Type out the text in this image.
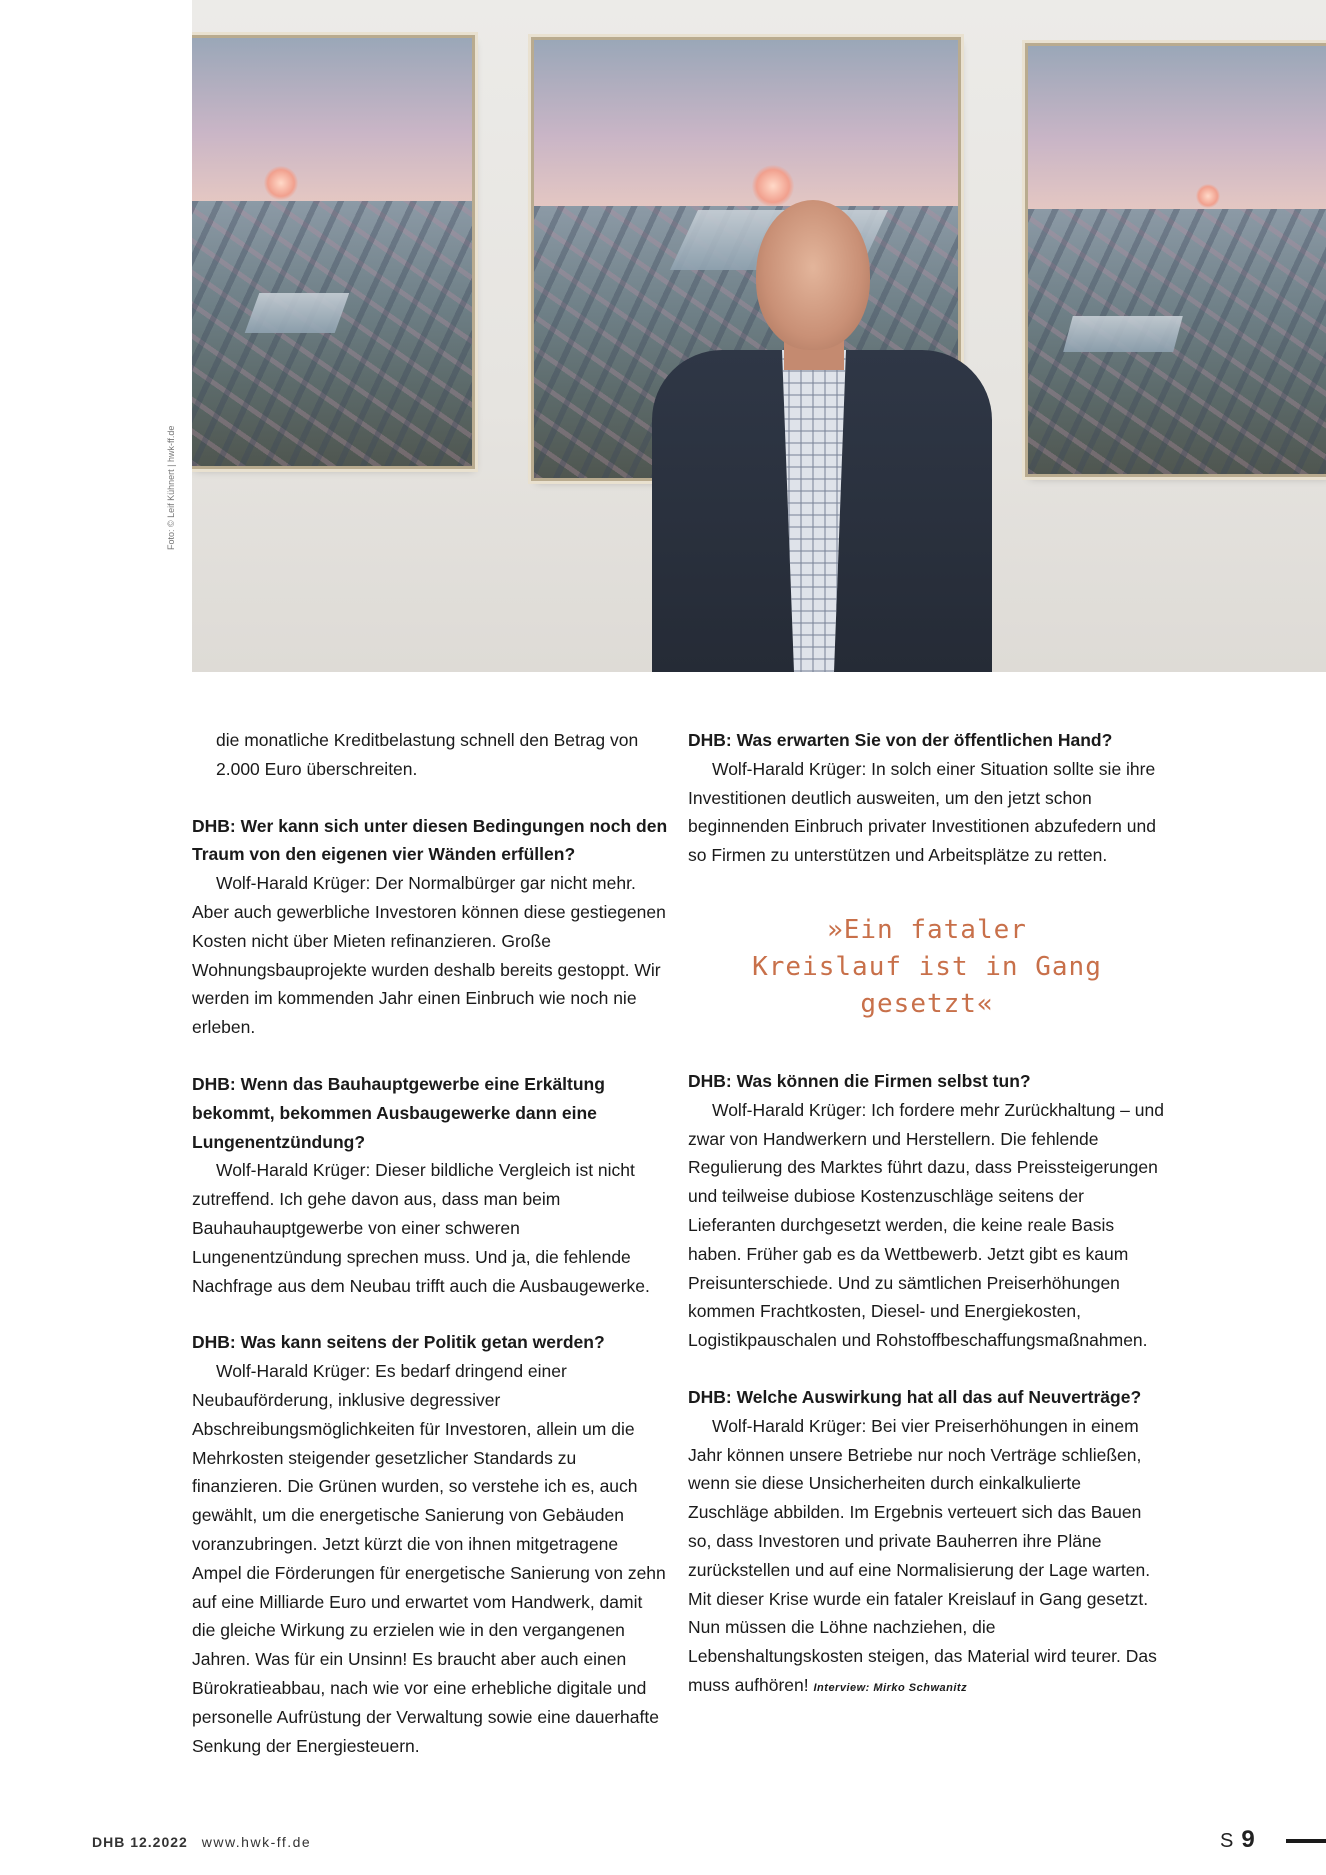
Foto: © Leif Kühnert | hwk-ff.de

die monatliche Kreditbelastung schnell den Betrag von 2.000 Euro überschreiten.

DHB: Wer kann sich unter diesen Bedingungen noch den Traum von den eigenen vier Wänden erfüllen?

Wolf-Harald Krüger: Der Normalbürger gar nicht mehr. Aber auch gewerbliche Investoren können diese gestiegenen Kosten nicht über Mieten refinanzieren. Große Wohnungsbauprojekte wurden deshalb bereits gestoppt. Wir werden im kommenden Jahr einen Einbruch wie noch nie erleben.

DHB: Wenn das Bauhauptgewerbe eine Erkältung bekommt, bekommen Ausbaugewerke dann eine Lungenentzündung?

Wolf-Harald Krüger: Dieser bildliche Vergleich ist nicht zutreffend. Ich gehe davon aus, dass man beim Bauhauhauptgewerbe von einer schweren Lungenentzündung sprechen muss. Und ja, die fehlende Nachfrage aus dem Neubau trifft auch die Ausbaugewerke.

DHB: Was kann seitens der Politik getan werden?

Wolf-Harald Krüger: Es bedarf dringend einer Neubauförderung, inklusive degressiver Abschreibungsmöglichkeiten für Investoren, allein um die Mehrkosten steigender gesetzlicher Standards zu finanzieren. Die Grünen wurden, so verstehe ich es, auch gewählt, um die energetische Sanierung von Gebäuden voranzubringen. Jetzt kürzt die von ihnen mitgetragene Ampel die Förderungen für energetische Sanierung von zehn auf eine Milliarde Euro und erwartet vom Handwerk, damit die gleiche Wirkung zu erzielen wie in den vergangenen Jahren. Was für ein Unsinn! Es braucht aber auch einen Bürokratieabbau, nach wie vor eine erhebliche digitale und personelle Aufrüstung der Verwaltung sowie eine dauerhafte Senkung der Energiesteuern.

DHB: Was erwarten Sie von der öffentlichen Hand?

Wolf-Harald Krüger: In solch einer Situation sollte sie ihre Investitionen deutlich ausweiten, um den jetzt schon beginnenden Einbruch privater Investitionen abzufedern und so Firmen zu unterstützen und Arbeitsplätze zu retten.

»Ein fataler
Kreislauf ist in Gang
gesetzt«

DHB: Was können die Firmen selbst tun?

Wolf-Harald Krüger: Ich fordere mehr Zurückhaltung – und zwar von Handwerkern und Herstellern. Die fehlende Regulierung des Marktes führt dazu, dass Preissteigerungen und teilweise dubiose Kostenzuschläge seitens der Lieferanten durchgesetzt werden, die keine reale Basis haben. Früher gab es da Wettbewerb. Jetzt gibt es kaum Preisunterschiede. Und zu sämtlichen Preiserhöhungen kommen Frachtkosten, Diesel- und Energiekosten, Logistikpauschalen und Rohstoffbeschaffungsmaßnahmen.

DHB: Welche Auswirkung hat all das auf Neuverträge?

Wolf-Harald Krüger: Bei vier Preiserhöhungen in einem Jahr können unsere Betriebe nur noch Verträge schließen, wenn sie diese Unsicherheiten durch einkalkulierte Zuschläge abbilden. Im Ergebnis verteuert sich das Bauen so, dass Investoren und private Bauherren ihre Pläne zurückstellen und auf eine Normalisierung der Lage warten. Mit dieser Krise wurde ein fataler Kreislauf in Gang gesetzt. Nun müssen die Löhne nachziehen, die Lebenshaltungskosten steigen, das Material wird teurer. Das muss aufhören! Interview: Mirko Schwanitz

DHB 12.2022 www.hwk-ff.de	S 9
